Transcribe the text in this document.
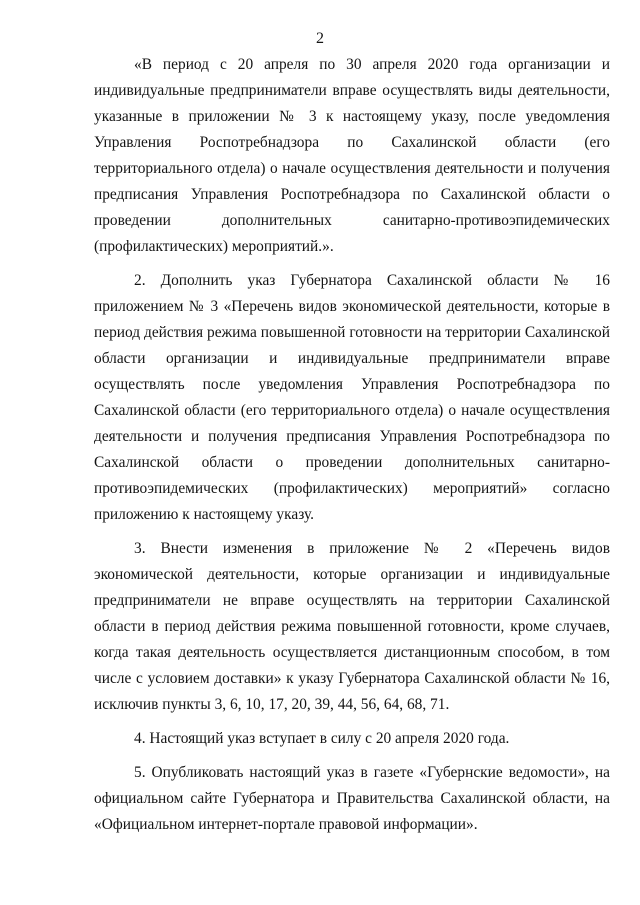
2

«В период с 20 апреля по 30 апреля 2020 года организации и индивидуальные предприниматели вправе осуществлять виды деятельности, указанные в приложении № 3 к настоящему указу, после уведомления Управления Роспотребнадзора по Сахалинской области (его территориального отдела) о начале осуществления деятельности и получения предписания Управления Роспотребнадзора по Сахалинской области о проведении дополнительных санитарно-противоэпидемических (профилактических) мероприятий.».

2. Дополнить указ Губернатора Сахалинской области № 16 приложением № 3 «Перечень видов экономической деятельности, которые в период действия режима повышенной готовности на территории Сахалинской области организации и индивидуальные предприниматели вправе осуществлять после уведомления Управления Роспотребнадзора по Сахалинской области (его территориального отдела) о начале осуществления деятельности и получения предписания Управления Роспотребнадзора по Сахалинской области о проведении дополнительных санитарно-противоэпидемических (профилактических) мероприятий» согласно приложению к настоящему указу.

3. Внести изменения в приложение № 2 «Перечень видов экономической деятельности, которые организации и индивидуальные предприниматели не вправе осуществлять на территории Сахалинской области в период действия режима повышенной готовности, кроме случаев, когда такая деятельность осуществляется дистанционным способом, в том числе с условием доставки» к указу Губернатора Сахалинской области № 16, исключив пункты 3, 6, 10, 17, 20, 39, 44, 56, 64, 68, 71.

4. Настоящий указ вступает в силу с 20 апреля 2020 года.

5. Опубликовать настоящий указ в газете «Губернские ведомости», на официальном сайте Губернатора и Правительства Сахалинской области, на «Официальном интернет-портале правовой информации».
